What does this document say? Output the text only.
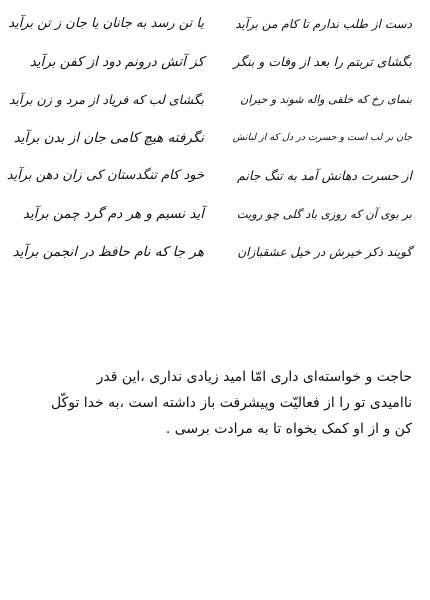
دست از طلب ندارم تا کام من برآید
یا تن رسد به جانان یا جان ز تن برآید
بگشای تربتم را بعد از وفات و بنگر
کز آتش درونم دود از کفن برآید
بنمای رخ که خلقی واله شوند و حیران
بگشای لب که فریاد از مرد و زن برآید
جان بر لب است و حسرت در دل که از لبانش
نگرفته هیچ کامی جان از بدن برآید
از حسرت دهانش آمد به تنگ جانم
خود کام تنگدستان کی زان دهن برآید
بر بوی آن که روزی باد گلی چو رویت
آید نسیم و هر دم گرد چمن برآید
گویند ذکر خیرش در خیل عشقبازان
هر جا که نام حافظ در انجمن برآید
حاجت و خواسته‌ای داری امّا امید زیادی نداری ،این قدر
ناامیدی تو را از فعالیّت وپیشرفت باز داشته است ،به خدا توکّل
کن و از او کمک بخواه تا به مرادت برسی .
